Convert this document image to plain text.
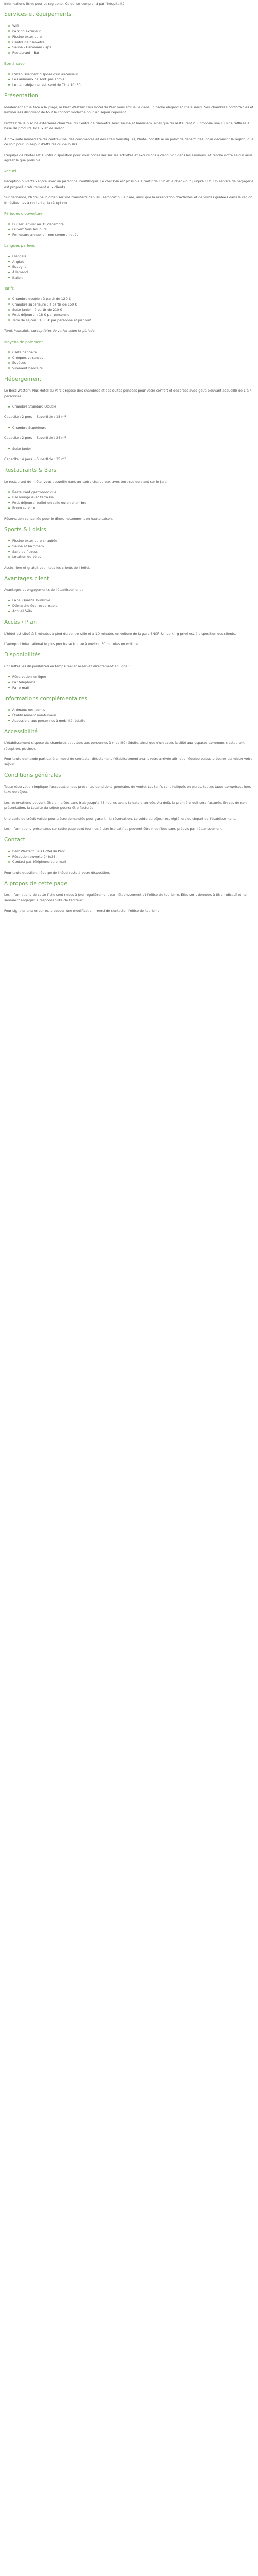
Informations fiche pour paragraphe. Ce qui se comprend par l'hospitalité.

Services et équipements
Wifi
Parking extérieur
Piscine extérieure
Centre de bien-être
Sauna - Hammam - spa
Restaurant - Bar
Bon à savoir
L'établissement dispose d'un ascenseur
Les animaux ne sont pas admis
Le petit-déjeuner est servi de 7h à 10h30
Présentation

Idéalement situé face à la plage, le Best Western Plus Hôtel du Parc vous accueille dans un cadre élégant et chaleureux. Ses chambres confortables et lumineuses disposent de tout le confort moderne pour un séjour reposant.

Profitez de la piscine extérieure chauffée, du centre de bien-être avec sauna et hammam, ainsi que du restaurant qui propose une cuisine raffinée à base de produits locaux et de saison.

À proximité immédiate du centre-ville, des commerces et des sites touristiques, l'hôtel constitue un point de départ idéal pour découvrir la région, que ce soit pour un séjour d'affaires ou de loisirs.

L'équipe de l'hôtel est à votre disposition pour vous conseiller sur les activités et excursions à découvrir dans les environs, et rendre votre séjour aussi agréable que possible.

Accueil

Réception ouverte 24h/24 avec un personnel multilingue. Le check-in est possible à partir de 15h et le check-out jusqu'à 11h. Un service de bagagerie est proposé gratuitement aux clients.

Sur demande, l'hôtel peut organiser vos transferts depuis l'aéroport ou la gare, ainsi que la réservation d'activités et de visites guidées dans la région. N'hésitez pas à contacter la réception.

Périodes d'ouverture
Du 1er janvier au 31 décembre
Ouvert tous les jours
Fermeture annuelle : non communiquée
Langues parlées
Français
Anglais
Espagnol
Allemand
Italien
Tarifs
Chambre double : à partir de 120 €
Chambre supérieure : à partir de 150 €
Suite junior : à partir de 210 €
Petit-déjeuner : 18 € par personne
Taxe de séjour : 1,50 € par personne et par nuit

Tarifs indicatifs, susceptibles de varier selon la période.

Moyens de paiement
Carte bancaire
Chèques vacances
Espèces
Virement bancaire
Hébergement

Le Best Western Plus Hôtel du Parc propose des chambres et des suites pensées pour votre confort et décorées avec goût, pouvant accueillir de 1 à 4 personnes.

Chambre Standard Double

Capacité : 2 pers. - Superficie : 18 m²

Chambre Supérieure

Capacité : 2 pers. - Superficie : 24 m²

Suite Junior

Capacité : 4 pers. - Superficie : 35 m²

Restaurants & Bars

Le restaurant de l'hôtel vous accueille dans un cadre chaleureux avec terrasse donnant sur le jardin.

Restaurant gastronomique
Bar lounge avec terrasse
Petit-déjeuner buffet en salle ou en chambre
Room service

Réservation conseillée pour le dîner, notamment en haute saison.

Sports & Loisirs
Piscine extérieure chauffée
Sauna et hammam
Salle de fitness
Location de vélos

Accès libre et gratuit pour tous les clients de l'hôtel.

Avantages client

Avantages et engagements de l'établissement :

Label Qualité Tourisme
Démarche éco-responsable
Accueil Vélo
Accès / Plan

L'hôtel est situé à 5 minutes à pied du centre-ville et à 10 minutes en voiture de la gare SNCF. Un parking privé est à disposition des clients.

L'aéroport international le plus proche se trouve à environ 30 minutes en voiture.

Disponibilités

Consultez les disponibilités en temps réel et réservez directement en ligne :

Réservation en ligne
Par téléphone
Par e-mail
Informations complémentaires
Animaux non admis
Établissement non-fumeur
Accessible aux personnes à mobilité réduite
Accessibilité

L'établissement dispose de chambres adaptées aux personnes à mobilité réduite, ainsi que d'un accès facilité aux espaces communs (restaurant, réception, piscine).

Pour toute demande particulière, merci de contacter directement l'établissement avant votre arrivée afin que l'équipe puisse préparer au mieux votre séjour.

Conditions générales

Toute réservation implique l'acceptation des présentes conditions générales de vente. Les tarifs sont indiqués en euros, toutes taxes comprises, hors taxe de séjour.

Les réservations peuvent être annulées sans frais jusqu'à 48 heures avant la date d'arrivée. Au-delà, la première nuit sera facturée. En cas de non-présentation, la totalité du séjour pourra être facturée.

Une carte de crédit valide pourra être demandée pour garantir la réservation. Le solde du séjour est réglé lors du départ de l'établissement.

Les informations présentées sur cette page sont fournies à titre indicatif et peuvent être modifiées sans préavis par l'établissement.

Contact
Best Western Plus Hôtel du Parc
Réception ouverte 24h/24
Contact par téléphone ou e-mail

Pour toute question, l'équipe de l'hôtel reste à votre disposition.

À propos de cette page

Les informations de cette fiche sont mises à jour régulièrement par l'établissement et l'office de tourisme. Elles sont données à titre indicatif et ne sauraient engager la responsabilité de l'éditeur.

Pour signaler une erreur ou proposer une modification, merci de contacter l'office de tourisme.
